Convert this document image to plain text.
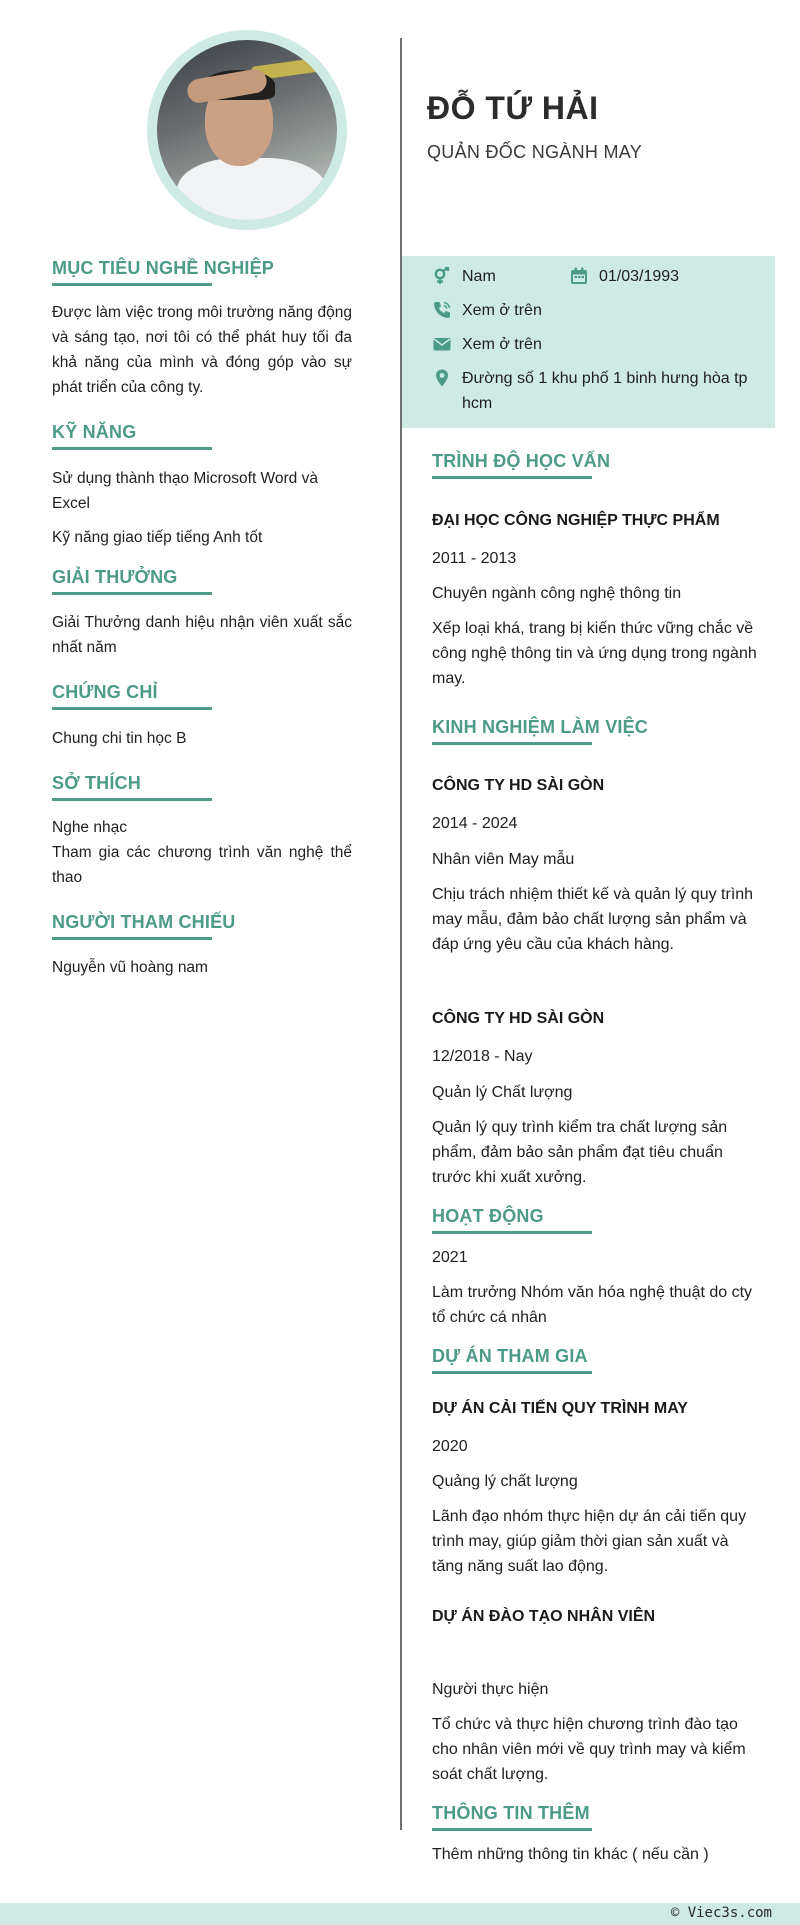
MỤC TIÊU NGHỀ NGHIỆP
Được làm việc trong môi trường năng động và sáng tạo, nơi tôi có thể phát huy tối đa khả năng của mình và đóng góp vào sự phát triển của công ty.
KỸ NĂNG
Sử dụng thành thạo Microsoft Word và Excel
Kỹ năng giao tiếp tiếng Anh tốt
GIẢI THƯỞNG
Giải Thưởng danh hiệu nhận viên xuất sắc nhất năm
CHỨNG CHỈ
Chung chi tin học B
SỞ THÍCH
Nghe nhạc
Tham gia các chương trình văn nghệ thể thao
NGƯỜI THAM CHIẾU
Nguyễn vũ hoàng nam
ĐỖ TỨ HẢI
QUẢN ĐỐC NGÀNH MAY
Nam	01/03/1993
Xem ở trên
Xem ở trên
Đường số 1 khu phố 1 binh hưng hòa tp hcm
TRÌNH ĐỘ HỌC VẤN
ĐẠI HỌC CÔNG NGHIỆP THỰC PHẨM
2011 - 2013
Chuyên ngành công nghệ thông tin
Xếp loại khá, trang bị kiến thức vững chắc về công nghệ thông tin và ứng dụng trong ngành may.
KINH NGHIỆM LÀM VIỆC
CÔNG TY HD SÀI GÒN
2014 - 2024
Nhân viên May mẫu
Chịu trách nhiệm thiết kế và quản lý quy trình may mẫu, đảm bảo chất lượng sản phẩm và đáp ứng yêu cầu của khách hàng.
CÔNG TY HD SÀI GÒN
12/2018 - Nay
Quản lý Chất lượng
Quản lý quy trình kiểm tra chất lượng sản phẩm, đảm bảo sản phẩm đạt tiêu chuẩn trước khi xuất xưởng.
HOẠT ĐỘNG
2021
Làm trưởng Nhóm văn hóa nghệ thuật do cty tổ chức cá nhân
DỰ ÁN THAM GIA
DỰ ÁN CẢI TIẾN QUY TRÌNH MAY
2020
Quảng lý chất lượng
Lãnh đạo nhóm thực hiện dự án cải tiến quy trình may, giúp giảm thời gian sản xuất và tăng năng suất lao động.
DỰ ÁN ĐÀO TẠO NHÂN VIÊN
Người thực hiện
Tổ chức và thực hiện chương trình đào tạo cho nhân viên mới về quy trình may và kiểm soát chất lượng.
THÔNG TIN THÊM
Thêm những thông tin khác ( nếu cần )
© Viec3s.com
